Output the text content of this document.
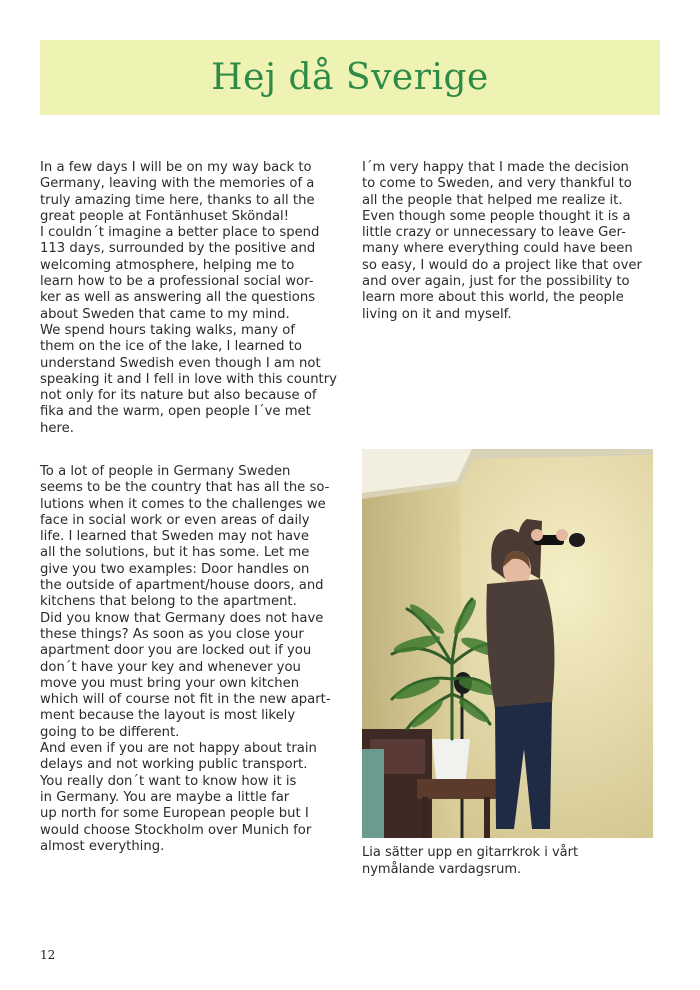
Hej då Sverige

In a few days I will be on my way back to
Germany, leaving with the memories of a
truly amazing time here, thanks to all the
great people at Fontänhuset Sköndal!
I couldn´t imagine a better place to spend
113 days, surrounded by the positive and
welcoming atmosphere, helping me to
learn how to be a professional social wor-
ker as well as answering all the questions
about Sweden that came to my mind.
We spend hours taking walks, many of
them on the ice of the lake, I learned to
understand Swedish even though I am not
speaking it and I fell in love with this country
not only for its nature but also because of
fika and the warm, open people I´ve met
here.

To a lot of people in Germany Sweden
seems to be the country that has all the so-
lutions when it comes to the challenges we
face in social work or even areas of daily
life. I learned that Sweden may not have
all the solutions, but it has some. Let me
give you two examples: Door handles on
the outside of apartment/house doors, and
kitchens that belong to the apartment.
Did you know that Germany does not have
these things? As soon as you close your
apartment door you are locked out if you
don´t have your key and whenever you
move you must bring your own kitchen
which will of course not fit in the new apart-
ment because the layout is most likely
going to be different.
And even if you are not happy about train
delays and not working public transport.
You really don´t want to know how it is
in Germany. You are maybe a little far
up north for some European people but I
would choose Stockholm over Munich for
almost everything.

I´m very happy that I made the decision
to come to Sweden, and very thankful to
all the people that helped me realize it.
Even though some people thought it is a
little crazy or unnecessary to leave Ger-
many where everything could have been
so easy, I would do a project like that over
and over again, just for the possibility to
learn more about this world, the people
living on it and myself.

Lia sätter upp en gitarrkrok i vårt
nymålande vardagsrum.
12
